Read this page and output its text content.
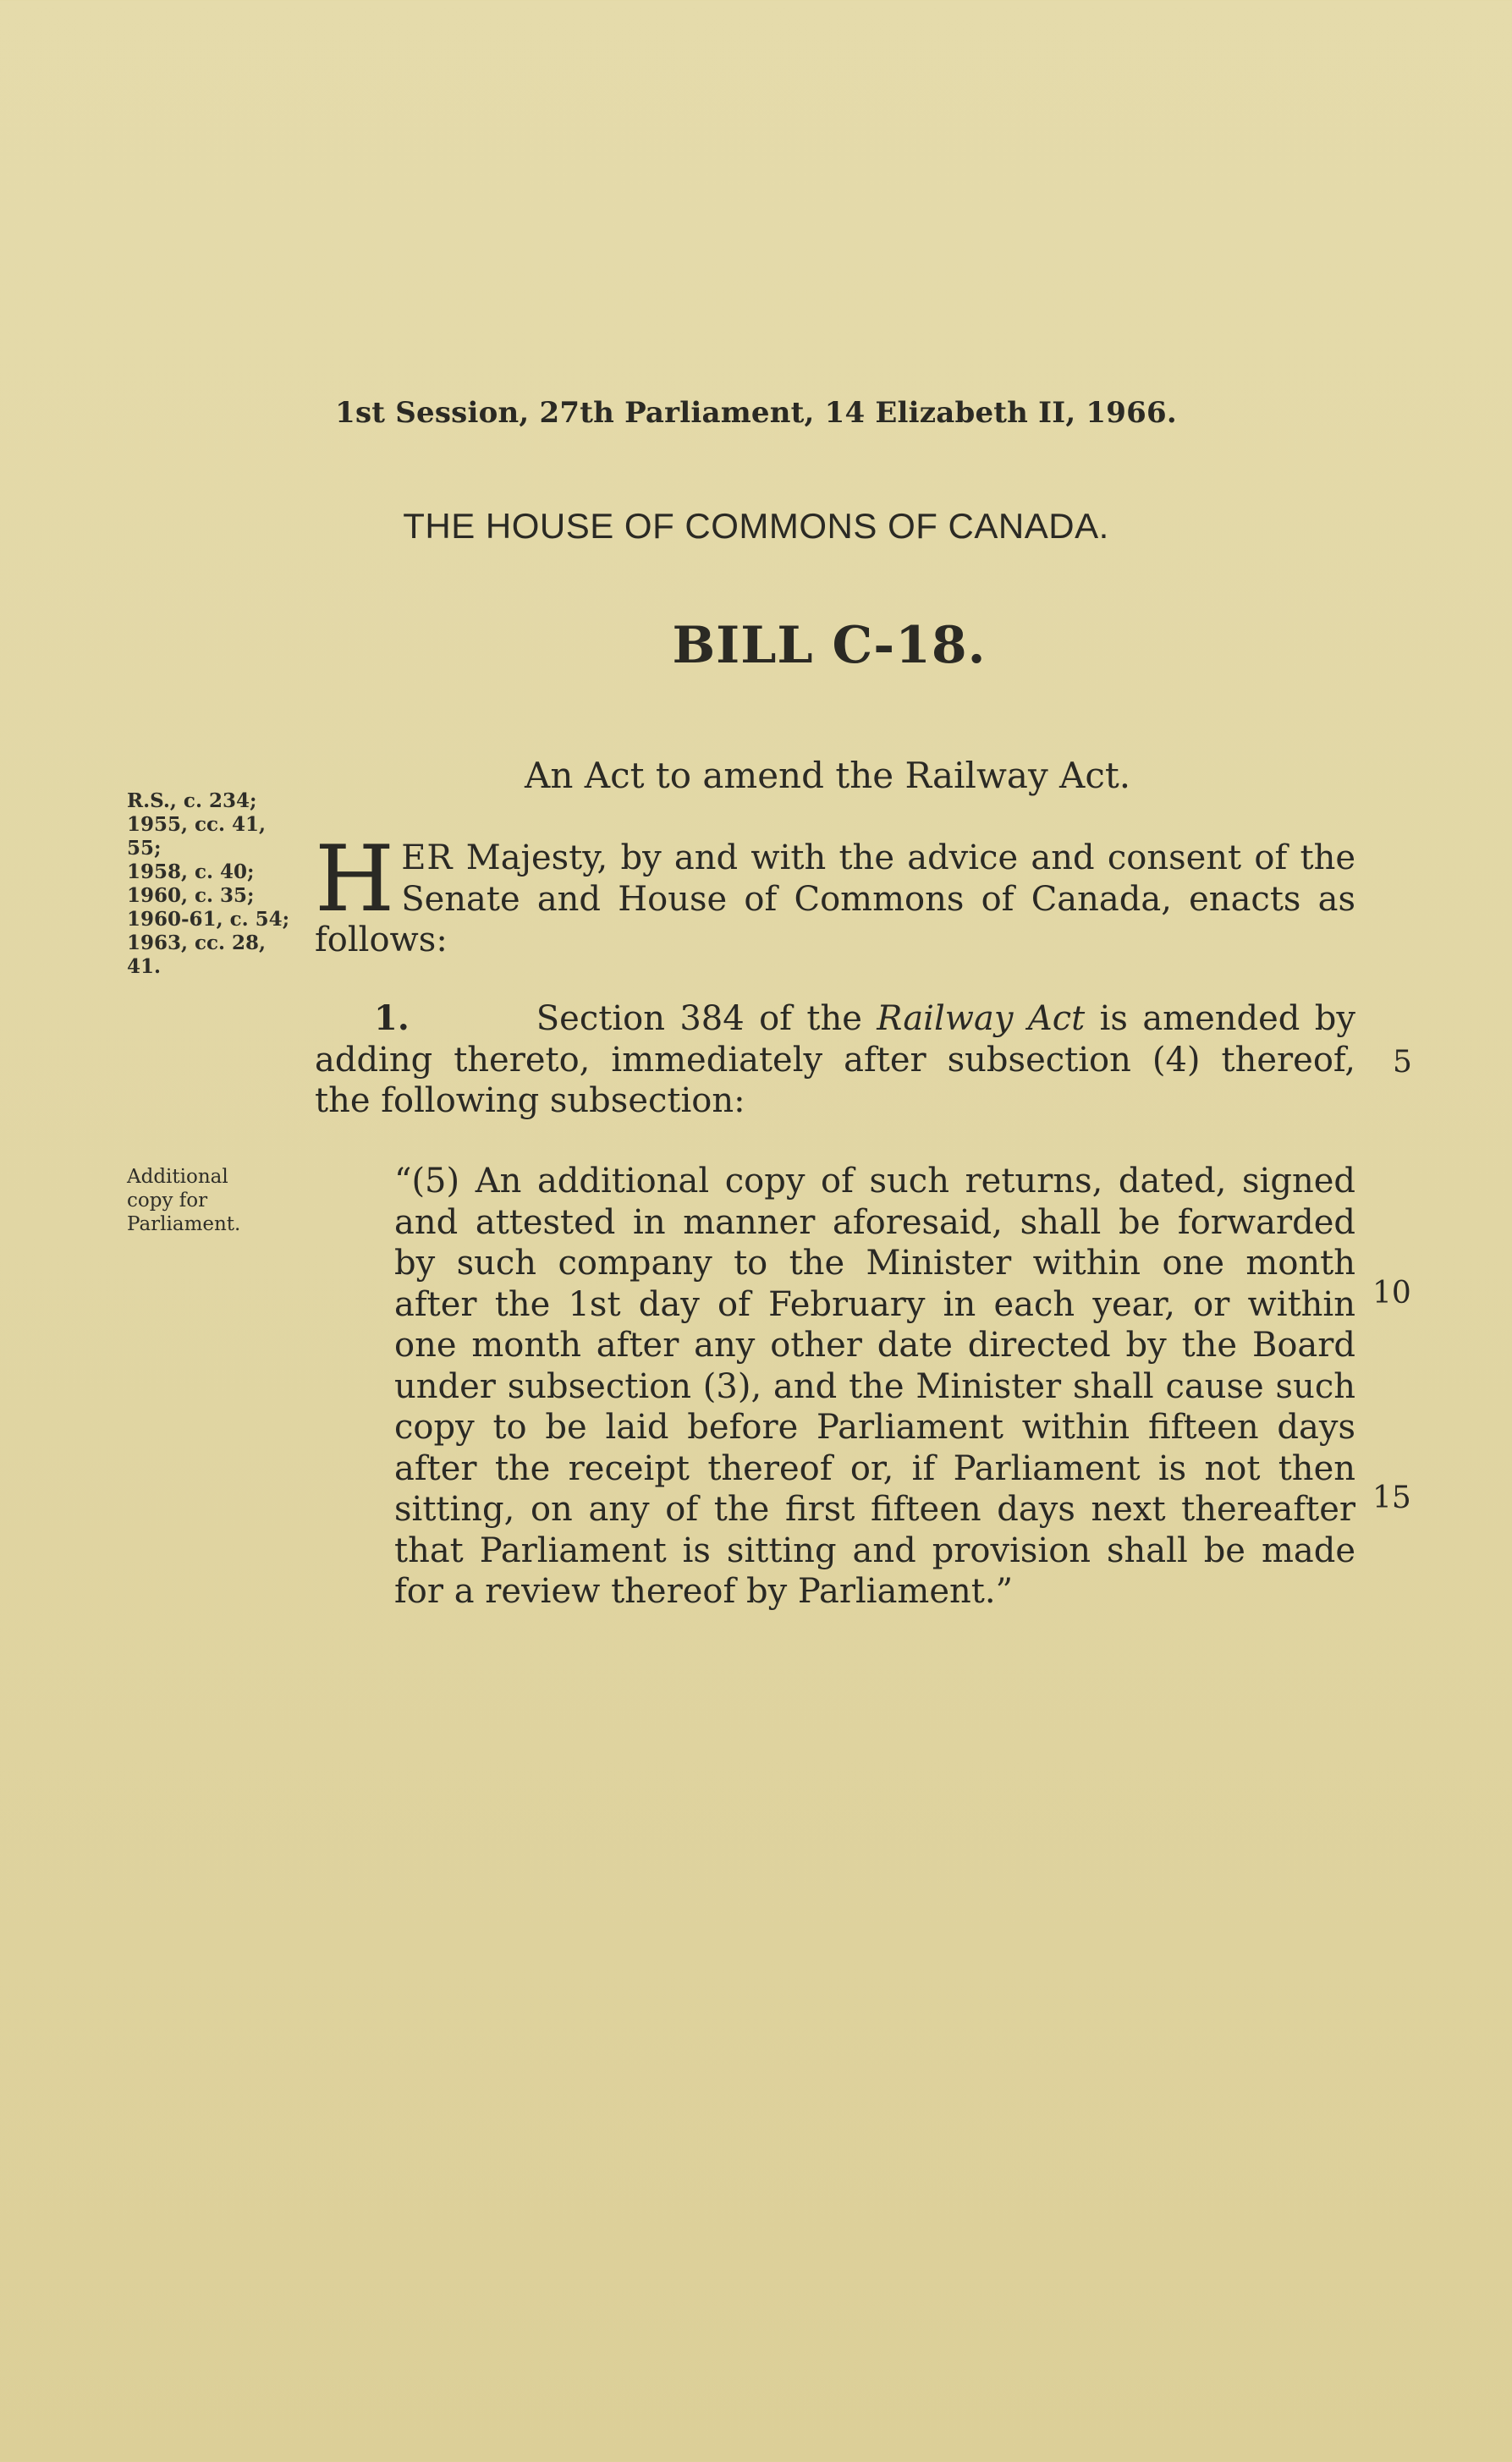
1st Session, 27th Parliament, 14 Elizabeth II, 1966.
THE HOUSE OF COMMONS OF CANADA.
BILL C-18.
An Act to amend the Railway Act.
R.S., c. 234;
1955, cc. 41,
55;
1958, c. 40;
1960, c. 35;
1960-61, c. 54;
1963, cc. 28,
41.
HER Majesty, by and with the advice and consent of the Senate and House of Commons of Canada, enacts as follows:
1.	Section 384 of the Railway Act is amended by adding thereto, immediately after subsection (4) thereof, the following subsection:
Additional
copy for
Parliament.
“(5) An additional copy of such returns, dated, signed and attested in manner aforesaid, shall be forwarded by such company to the Minister within one month after the 1st day of February in each year, or within one month after any other date directed by the Board under subsection (3), and the Minister shall cause such copy to be laid before Parliament within fifteen days after the receipt thereof or, if Parliament is not then sitting, on any of the first fifteen days next thereafter that Parliament is sitting and provision shall be made for a review thereof by Parliament.”
5
10
15
